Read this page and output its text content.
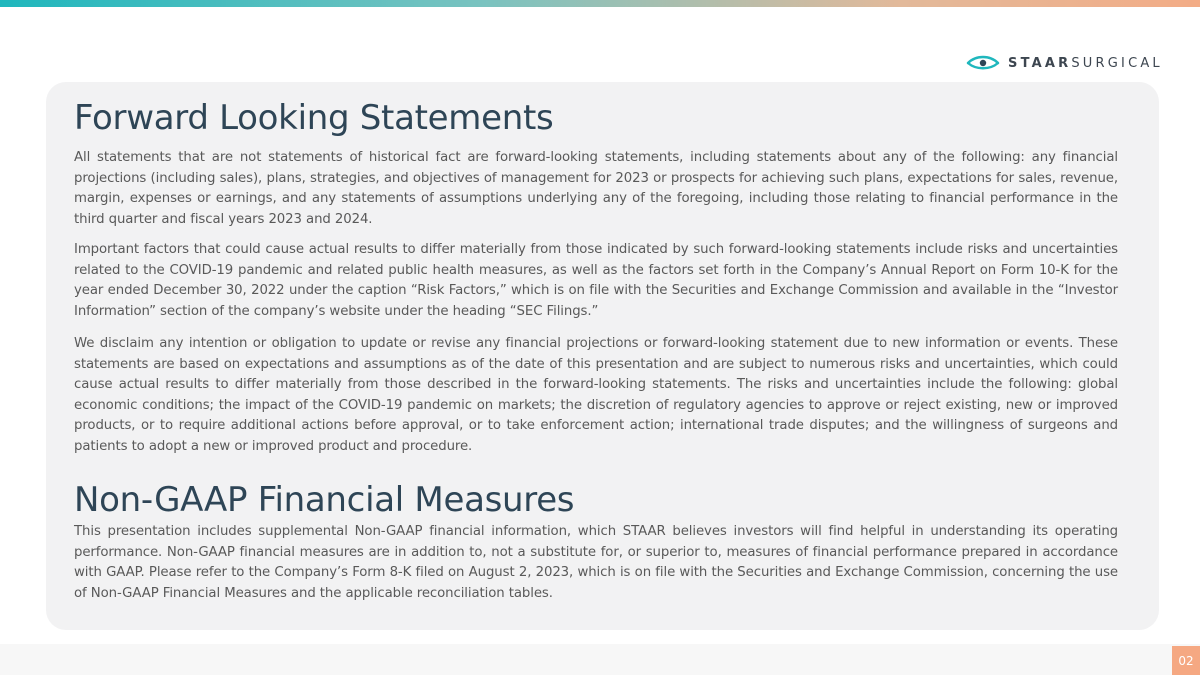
STAARSURGICAL
Forward Looking Statements

All statements that are not statements of historical fact are forward-looking statements, including statements about any of the following: any financial projections (including sales), plans, strategies, and objectives of management for 2023 or prospects for achieving such plans, expectations for sales, revenue, margin, expenses or earnings, and any statements of assumptions underlying any of the foregoing, including those relating to financial performance in the third quarter and fiscal years 2023 and 2024.

Important factors that could cause actual results to differ materially from those indicated by such forward-looking statements include risks and uncertainties related to the COVID-19 pandemic and related public health measures, as well as the factors set forth in the Company’s Annual Report on Form 10-K for the year ended December 30, 2022 under the caption “Risk Factors,” which is on file with the Securities and Exchange Commission and available in the “Investor Information” section of the company’s website under the heading “SEC Filings.”

We disclaim any intention or obligation to update or revise any financial projections or forward-looking statement due to new information or events. These statements are based on expectations and assumptions as of the date of this presentation and are subject to numerous risks and uncertainties, which could cause actual results to differ materially from those described in the forward-looking statements. The risks and uncertainties include the following: global economic conditions; the impact of the COVID-19 pandemic on markets; the discretion of regulatory agencies to approve or reject existing, new or improved products, or to require additional actions before approval, or to take enforcement action; international trade disputes; and the willingness of surgeons and patients to adopt a new or improved product and procedure.

Non-GAAP Financial Measures

This presentation includes supplemental Non-GAAP financial information, which STAAR believes investors will find helpful in understanding its operating performance. Non-GAAP financial measures are in addition to, not a substitute for, or superior to, measures of financial performance prepared in accordance with GAAP. Please refer to the Company’s Form 8-K filed on August 2, 2023, which is on file with the Securities and Exchange Commission, concerning the use of Non-GAAP Financial Measures and the applicable reconciliation tables.

02
